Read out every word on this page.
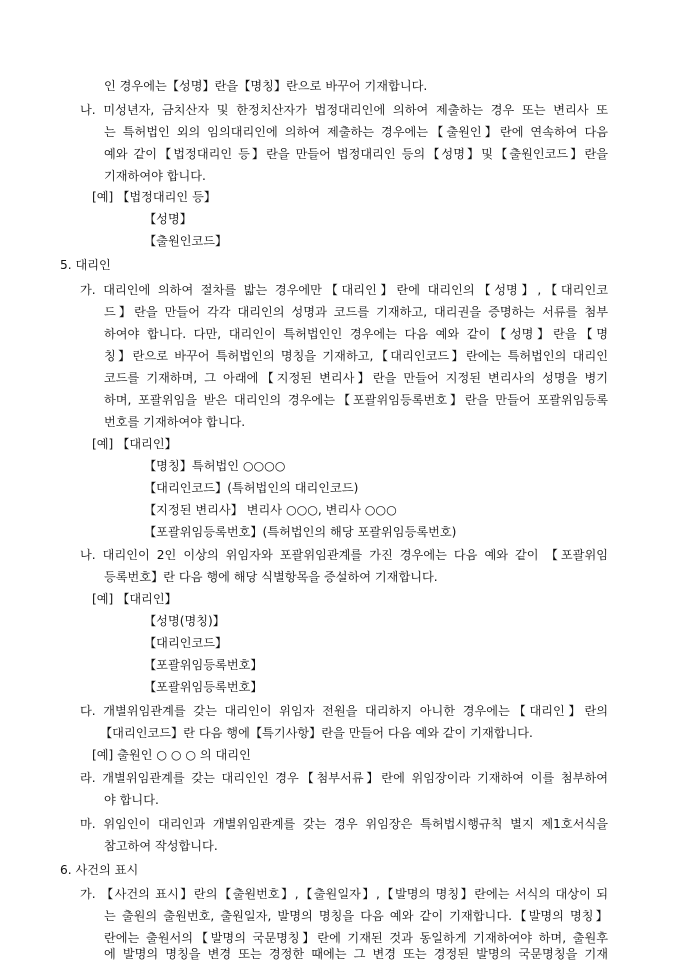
인 경우에는【성명】란을【명칭】란으로 바꾸어 기재합니다.
나. 미성년자, 금치산자 및 한정치산자가 법정대리인에 의하여 제출하는 경우 또는 변리사 또
는 특허법인 외의 임의대리인에 의하여 제출하는 경우에는【출원인】란에 연속하여 다음
예와 같이【법정대리인 등】란을 만들어 법정대리인 등의【성명】및【출원인코드】란을
기재하여야 합니다.
[예] 【법정대리인 등】
【성명】
【출원인코드】
5. 대리인
가. 대리인에 의하여 절차를 밟는 경우에만【대리인】란에 대리인의【성명】,【대리인코
드】란을 만들어 각각 대리인의 성명과 코드를 기재하고, 대리권을 증명하는 서류를 첨부
하여야 합니다. 다만, 대리인이 특허법인인 경우에는 다음 예와 같이【성명】란을【명
칭】란으로 바꾸어 특허법인의 명칭을 기재하고,【대리인코드】란에는 특허법인의 대리인
코드를 기재하며, 그 아래에【지정된 변리사】란을 만들어 지정된 변리사의 성명을 병기
하며, 포괄위임을 받은 대리인의 경우에는【포괄위임등록번호】란을 만들어 포괄위임등록
번호를 기재하여야 합니다.
[예] 【대리인】
【명칭】특허법인 ○○○○
【대리인코드】(특허법인의 대리인코드)
【지정된 변리사】 변리사 ○○○, 변리사 ○○○
【포괄위임등록번호】(특허법인의 해당 포괄위임등록번호)
나. 대리인이 2인 이상의 위임자와 포괄위임관계를 가진 경우에는 다음 예와 같이 【포괄위임
등록번호】란 다음 행에 해당 식별항목을 증설하여 기재합니다.
[예] 【대리인】
【성명(명칭)】
【대리인코드】
【포괄위임등록번호】
【포괄위임등록번호】
다. 개별위임관계를 갖는 대리인이 위임자 전원을 대리하지 아니한 경우에는【대리인】란의
【대리인코드】란 다음 행에【특기사항】란을 만들어 다음 예와 같이 기재합니다.
[예] 출원인 ○ ○ ○ 의 대리인
라. 개별위임관계를 갖는 대리인인 경우【첨부서류】란에 위임장이라 기재하여 이를 첨부하여
야 합니다.
마. 위임인이 대리인과 개별위임관계를 갖는 경우 위임장은 특허법시행규칙 별지 제1호서식을
참고하여 작성합니다.
6. 사건의 표시
가. 【사건의 표시】란의【출원번호】,【출원일자】,【발명의 명칭】란에는 서식의 대상이 되
는 출원의 출원번호, 출원일자, 발명의 명칭을 다음 예와 같이 기재합니다.【발명의 명칭】
란에는 출원서의【발명의 국문명칭】란에 기재된 것과 동일하게 기재하여야 하며, 출원후
에 발명의 명칭을 변경 또는 경정한 때에는 그 변경 또는 경정된 발명의 국문명칭을 기재
